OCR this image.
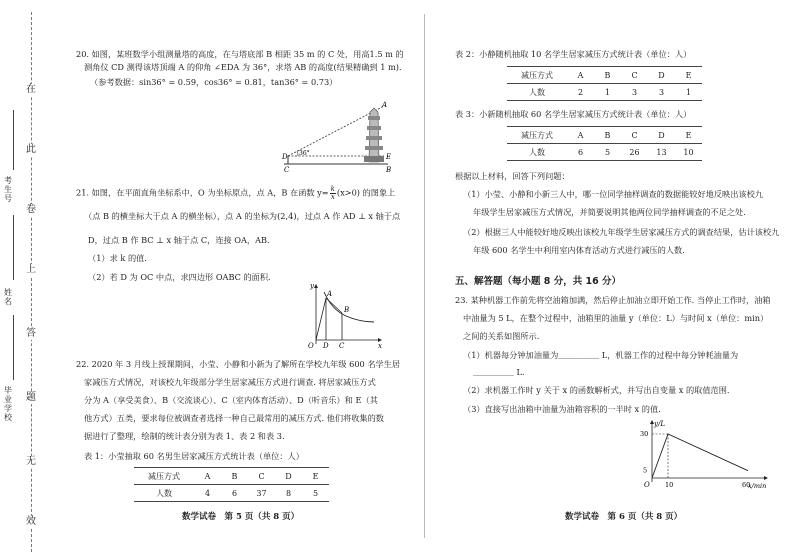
在
此
卷
上
答
题
无
效
考生号
姓名
毕业学校
20. 如图，某班数学小组测量塔的高度，在与塔底部 B 相距 35 m 的 C 处，用高1.5 m 的
测角仪 CD 测得该塔顶端 A 的仰角 ∠EDA 为 36°，求塔 AB 的高度(结果精确到 1 m)．
（参考数据：sin36° = 0.59，cos36° = 0.81，tan36° = 0.73）
A
B
C
D	E
36°
21. 如图，在平面直角坐标系中，O 为坐标原点，点 A，B 在函数 $y= \frac{k}{x} (x>0)$ 的图象上
（点 B 的横坐标大于点 A 的横坐标），点 A 的坐标为(2,4)，过点 A 作 AD ⊥ x 轴于点
D，过点 B 作 BC ⊥ x 轴于点 C，连接 OA，AB．
（1）求 k 的值．
（2）若 D 为 OC 中点，求四边形 OABC 的面积．
y
x
O
A
B
D C
22. 2020 年 3 月线上授课期间，小莹、小静和小新为了解所在学校九年级 600 名学生居
家减压方式情况，对该校九年级部分学生居家减压方式进行调查. 将居家减压方式
分为 A（享受美食）、B（交流谈心）、C（室内体育活动）、D（听音乐）和 E（其
他方式）五类，要求每位被调查者选择一种自己最常用的减压方式. 他们将收集的数
据进行了整理，绘制的统计表分别为表 1、表 2 和表 3.
表 1：小莹抽取 60 名男生居家减压方式统计表（单位：人）
减压方式	A	B	C	D	E
人数	4	6	37	8	5
数学试卷　第 5 页（共 8 页）
表 2：小静随机抽取 10 名学生居家减压方式统计表（单位：人）
减压方式	A	B	C	D	E
人数	2	1	3	3	1
表 3：小新随机抽取 60 名学生居家减压方式统计表（单位：人）
减压方式	A	B	C	D	E
人数	6	5	26	13	10
根据以上材料，回答下列问题：
（1）小莹、小静和小新三人中，哪一位同学抽样调查的数据能较好地反映出该校九
年级学生居家减压方式情况，并简要说明其他两位同学抽样调查的不足之处.
（2）根据三人中能较好地反映出该校九年级学生居家减压方式的调查结果，估计该校九
年级 600 名学生中利用室内体育活动方式进行减压的人数.
五、解答题（每小题 8 分，共 16 分）
23. 某种机器工作前先将空油箱加满，然后停止加油立即开始工作. 当停止工作时，油箱
中油量为 5 L，在整个过程中，油箱里的油量 y（单位：L）与时间 x（单位：min）
之间的关系如图所示.
（1）机器每分钟加油量为＿＿＿＿＿ L，机器工作的过程中每分钟耗油量为
＿＿＿＿＿ L.
（2）求机器工作时 y 关于 x 的函数解析式，并写出自变量 x 的取值范围.
（3）直接写出油箱中油量为油箱容积的一半时 x 的值.
y/L
x/min
O
30
5
10	60
数学试卷　第 6 页（共 8 页）
